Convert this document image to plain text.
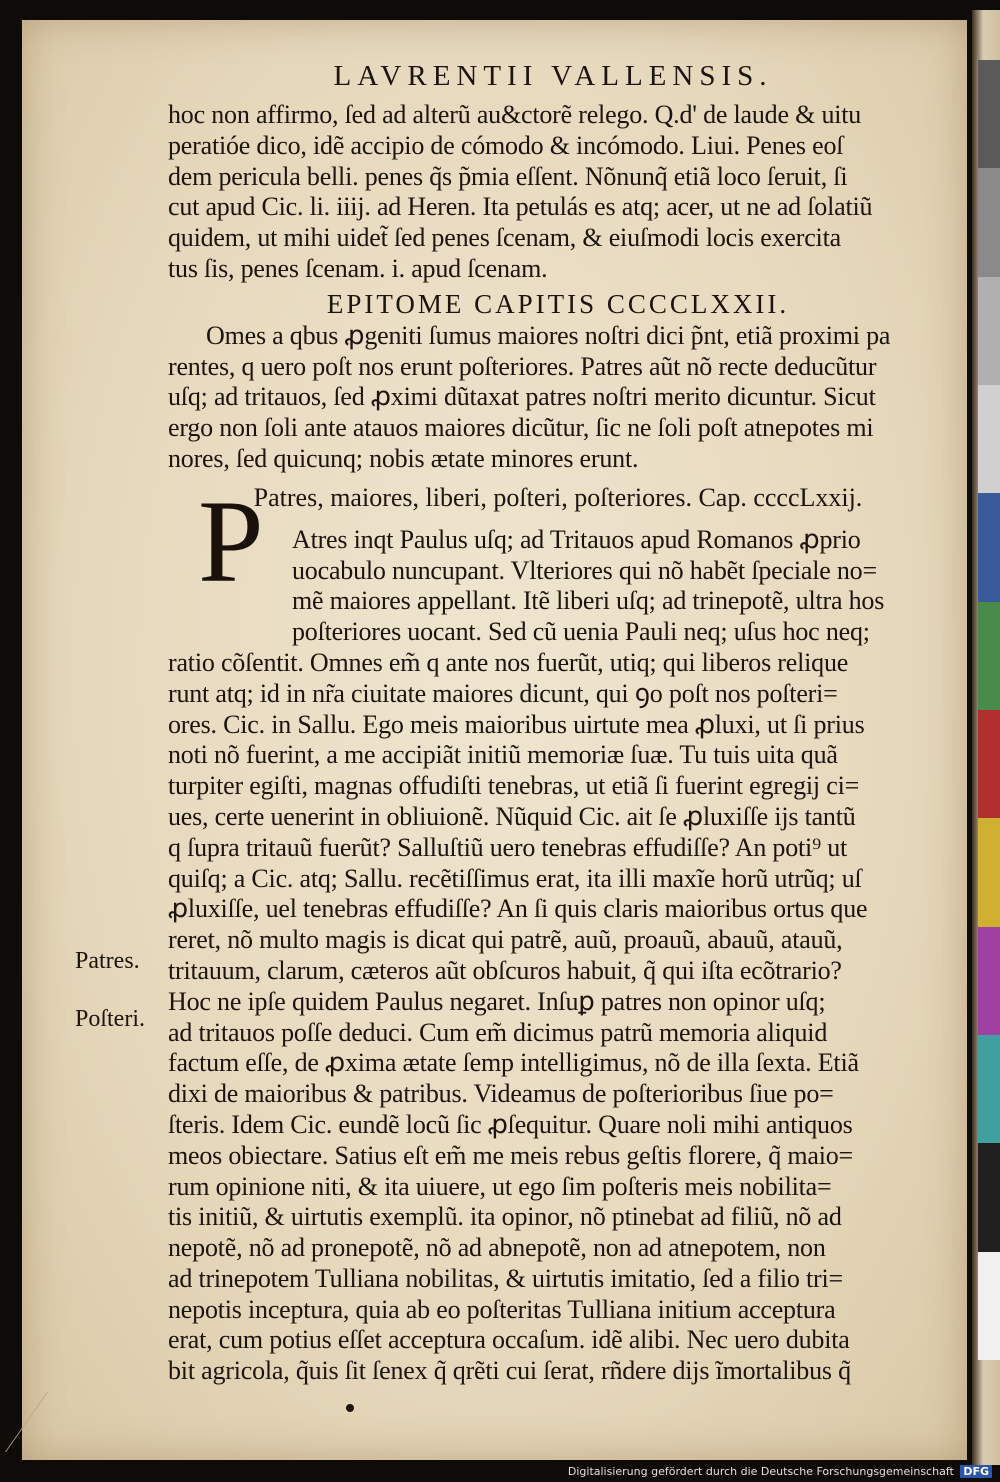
LAVRENTII VALLENSIS.
hoc non affirmo, ſed ad alterũ au&ctorẽ relego. Q.d' de laude & uitu
peratióe dico, idẽ accipio de cómodo & incómodo. Liui. Penes eoſ
dem pericula belli. penes q̃s p̃mia eſſent. Nõnunq̃ etiã loco ſeruit, ſi
cut apud Cic. li. iiij. ad Heren. Ita petulás es atq; acer, ut ne ad ſolatiũ
quidem, ut mihi uidet̃ ſed penes ſcenam, & eiuſmodi locis exercita
tus ſis, penes ſcenam. i. apud ſcenam.
EPITOME CAPITIS CCCCLXXII.
Omes a qbus ꝓgeniti ſumus maiores noſtri dici p̃nt, etiã proximi pa
rentes, q uero poſt nos erunt poſteriores. Patres aũt nõ recte deducũtur
uſq; ad tritauos, ſed ꝓximi dũtaxat patres noſtri merito dicuntur. Sicut
ergo non ſoli ante atauos maiores dicũtur, ſic ne ſoli poſt atnepotes mi
nores, ſed quicunq; nobis ætate minores erunt.
Patres, maiores, liberi, poſteri, poſteriores. Cap. ccccLxxij.
Atres inqt Paulus uſq; ad Tritauos apud Romanos ꝓprio
uocabulo nuncupant. Vlteriores qui nõ habẽt ſpeciale no=
mẽ maiores appellant. Itẽ liberi uſq; ad trinepotẽ, ultra hos
poſteriores uocant. Sed cũ uenia Pauli neq; uſus hoc neq;
ratio cõſentit. Omnes em̃ q ante nos fuerũt, utiq; qui liberos relique
runt atq; id in nr̃a ciuitate maiores dicunt, qui ꝯo poſt nos poſteri=
ores. Cic. in Sallu. Ego meis maioribus uirtute mea ꝓluxi, ut ſi prius
noti nõ fuerint, a me accipiãt initiũ memoriæ ſuæ. Tu tuis uita quã
turpiter egiſti, magnas offudiſti tenebras, ut etiã ſi fuerint egregij ci=
ues, certe uenerint in obliuionẽ. Nũquid Cic. ait ſe ꝓluxiſſe ijs tantũ
q ſupra tritauũ fuerũt? Salluſtiũ uero tenebras effudiſſe? An poti⁹ ut
quiſq; a Cic. atq; Sallu. recẽtiſſimus erat, ita illi maxĩe horũ utrũq; uſ
ꝓluxiſſe, uel tenebras effudiſſe? An ſi quis claris maioribus ortus que
reret, nõ multo magis is dicat qui patrẽ, auũ, proauũ, abauũ, atauũ,
tritauum, clarum, cæteros aũt obſcuros habuit, q̃ qui iſta ecõtrario?
Hoc ne ipſe quidem Paulus negaret. Inſuꝑ patres non opinor uſq;
ad tritauos poſſe deduci. Cum em̃ dicimus patrũ memoria aliquid
factum eſſe, de ꝓxima ætate ſemp intelligimus, nõ de illa ſexta. Etiã
dixi de maioribus & patribus. Videamus de poſterioribus ſiue po=
ſteris. Idem Cic. eundẽ locũ ſic ꝓſequitur. Quare noli mihi antiquos
meos obiectare. Satius eſt em̃ me meis rebus geſtis florere, q̃ maio=
rum opinione niti, & ita uiuere, ut ego ſim poſteris meis nobilita=
tis initiũ, & uirtutis exemplũ. ita opinor, nõ ptinebat ad filiũ, nõ ad
nepotẽ, nõ ad pronepotẽ, nõ ad abnepotẽ, non ad atnepotem, non
ad trinepotem Tulliana nobilitas, & uirtutis imitatio, ſed a filio tri=
nepotis inceptura, quia ab eo poſteritas Tulliana initium acceptura
erat, cum potius eſſet acceptura occaſum. idẽ alibi. Nec uero dubita
bit agricola, q̃uis ſit ſenex q̃ qrẽti cui ſerat, rñdere dijs ĩmortalibus q̃
P
Patres.
Poſteri.
Digitalisierung gefördert durch die Deutsche Forschungsgemeinschaft DFG
